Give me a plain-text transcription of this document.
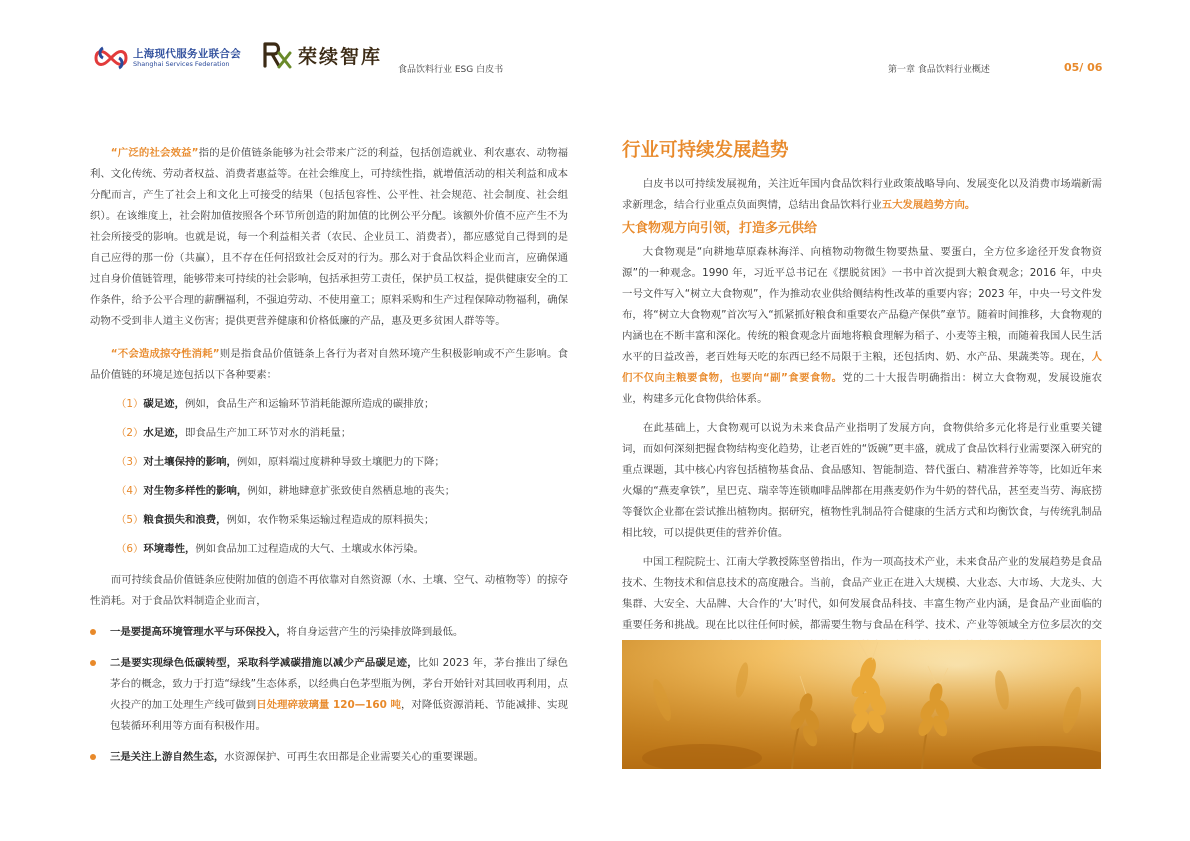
上海现代服务业联合会
Shanghai Services Federation	荣续智库
食品饮料行业 ESG 白皮书	第一章 食品饮料行业概述	05/ 06

“广泛的社会效益”指的是价值链条能够为社会带来广泛的利益，包括创造就业、利农惠农、动物福利、文化传统、劳动者权益、消费者惠益等。在社会维度上，可持续性指，就增值活动的相关利益和成本分配而言，产生了社会上和文化上可接受的结果（包括包容性、公平性、社会规范、社会制度、社会组织）。在该维度上，社会附加值按照各个环节所创造的附加值的比例公平分配。该额外价值不应产生不为社会所接受的影响。也就是说，每一个利益相关者（农民、企业员工、消费者），都应感觉自己得到的是自己应得的那一份（共赢），且不存在任何招致社会反对的行为。那么对于食品饮料企业而言，应确保通过自身价值链管理，能够带来可持续的社会影响，包括承担劳工责任，保护员工权益，提供健康安全的工作条件，给予公平合理的薪酬福利，不强迫劳动、不使用童工；原料采购和生产过程保障动物福利，确保动物不受到非人道主义伤害；提供更营养健康和价格低廉的产品，惠及更多贫困人群等等。

“不会造成掠夺性消耗”则是指食品价值链条上各行为者对自然环境产生积极影响或不产生影响。食品价值链的环境足迹包括以下各种要素：

（1）碳足迹，例如，食品生产和运输环节消耗能源所造成的碳排放；

（2）水足迹，即食品生产加工环节对水的消耗量；

（3）对土壤保持的影响，例如，原料端过度耕种导致土壤肥力的下降；

（4）对生物多样性的影响，例如，耕地肆意扩张致使自然栖息地的丧失；

（5）粮食损失和浪费，例如，农作物采集运输过程造成的原料损失；

（6）环境毒性，例如食品加工过程造成的大气、土壤或水体污染。

而可持续食品价值链条应使附加值的创造不再依靠对自然资源（水、土壤、空气、动植物等）的掠夺性消耗。对于食品饮料制造企业而言，

一是要提高环境管理水平与环保投入，将自身运营产生的污染排放降到最低。

二是要实现绿色低碳转型，采取科学减碳措施以减少产品碳足迹，比如 2023 年，茅台推出了绿色茅台的概念，致力于打造“绿线”生态体系，以经典白色茅型瓶为例，茅台开始针对其回收再利用，点火投产的加工处理生产线可做到日处理碎玻璃量 120—160 吨，对降低资源消耗、节能减排、实现包装循环利用等方面有积极作用。

三是关注上游自然生态，水资源保护、可再生农田都是企业需要关心的重要课题。

行业可持续发展趋势

白皮书以可持续发展视角，关注近年国内食品饮料行业政策战略导向、发展变化以及消费市场端新需求新理念，结合行业重点负面舆情，总结出食品饮料行业五大发展趋势方向。

大食物观方向引领，打造多元供给

大食物观是“向耕地草原森林海洋、向植物动物微生物要热量、要蛋白，全方位多途径开发食物资源”的一种观念。1990 年，习近平总书记在《摆脱贫困》一书中首次提到大粮食观念；2016 年，中央一号文件写入“树立大食物观”，作为推动农业供给侧结构性改革的重要内容；2023 年，中央一号文件发布，将“树立大食物观”首次写入“抓紧抓好粮食和重要农产品稳产保供”章节。随着时间推移，大食物观的内涵也在不断丰富和深化。传统的粮食观念片面地将粮食理解为稻子、小麦等主粮，而随着我国人民生活水平的日益改善，老百姓每天吃的东西已经不局限于主粮，还包括肉、奶、水产品、果蔬类等。现在，人们不仅向主粮要食物，也要向“副”食要食物。党的二十大报告明确指出：树立大食物观，发展设施农业，构建多元化食物供给体系。

在此基础上，大食物观可以说为未来食品产业指明了发展方向，食物供给多元化将是行业重要关键词，而如何深刻把握食物结构变化趋势，让老百姓的“饭碗”更丰盛，就成了食品饮料行业需要深入研究的重点课题，其中核心内容包括植物基食品、食品感知、智能制造、替代蛋白、精准营养等等，比如近年来火爆的“燕麦拿铁”，星巴克、瑞幸等连锁咖啡品牌都在用燕麦奶作为牛奶的替代品，甚至麦当劳、海底捞等餐饮企业都在尝试推出植物肉。据研究，植物性乳制品符合健康的生活方式和均衡饮食，与传统乳制品相比较，可以提供更佳的营养价值。

中国工程院院士、江南大学教授陈坚曾指出，作为一项高技术产业，未来食品产业的发展趋势是食品技术、生物技术和信息技术的高度融合。当前，食品产业正在进入大规模、大业态、大市场、大龙头、大集群、大安全、大品牌、大合作的‘大’时代，如何发展食品科技、丰富生物产业内涵，是食品产业面临的重要任务和挑战。现在比以往任何时候，都需要生物与食品在科学、技术、产业等领域全方位多层次的交
